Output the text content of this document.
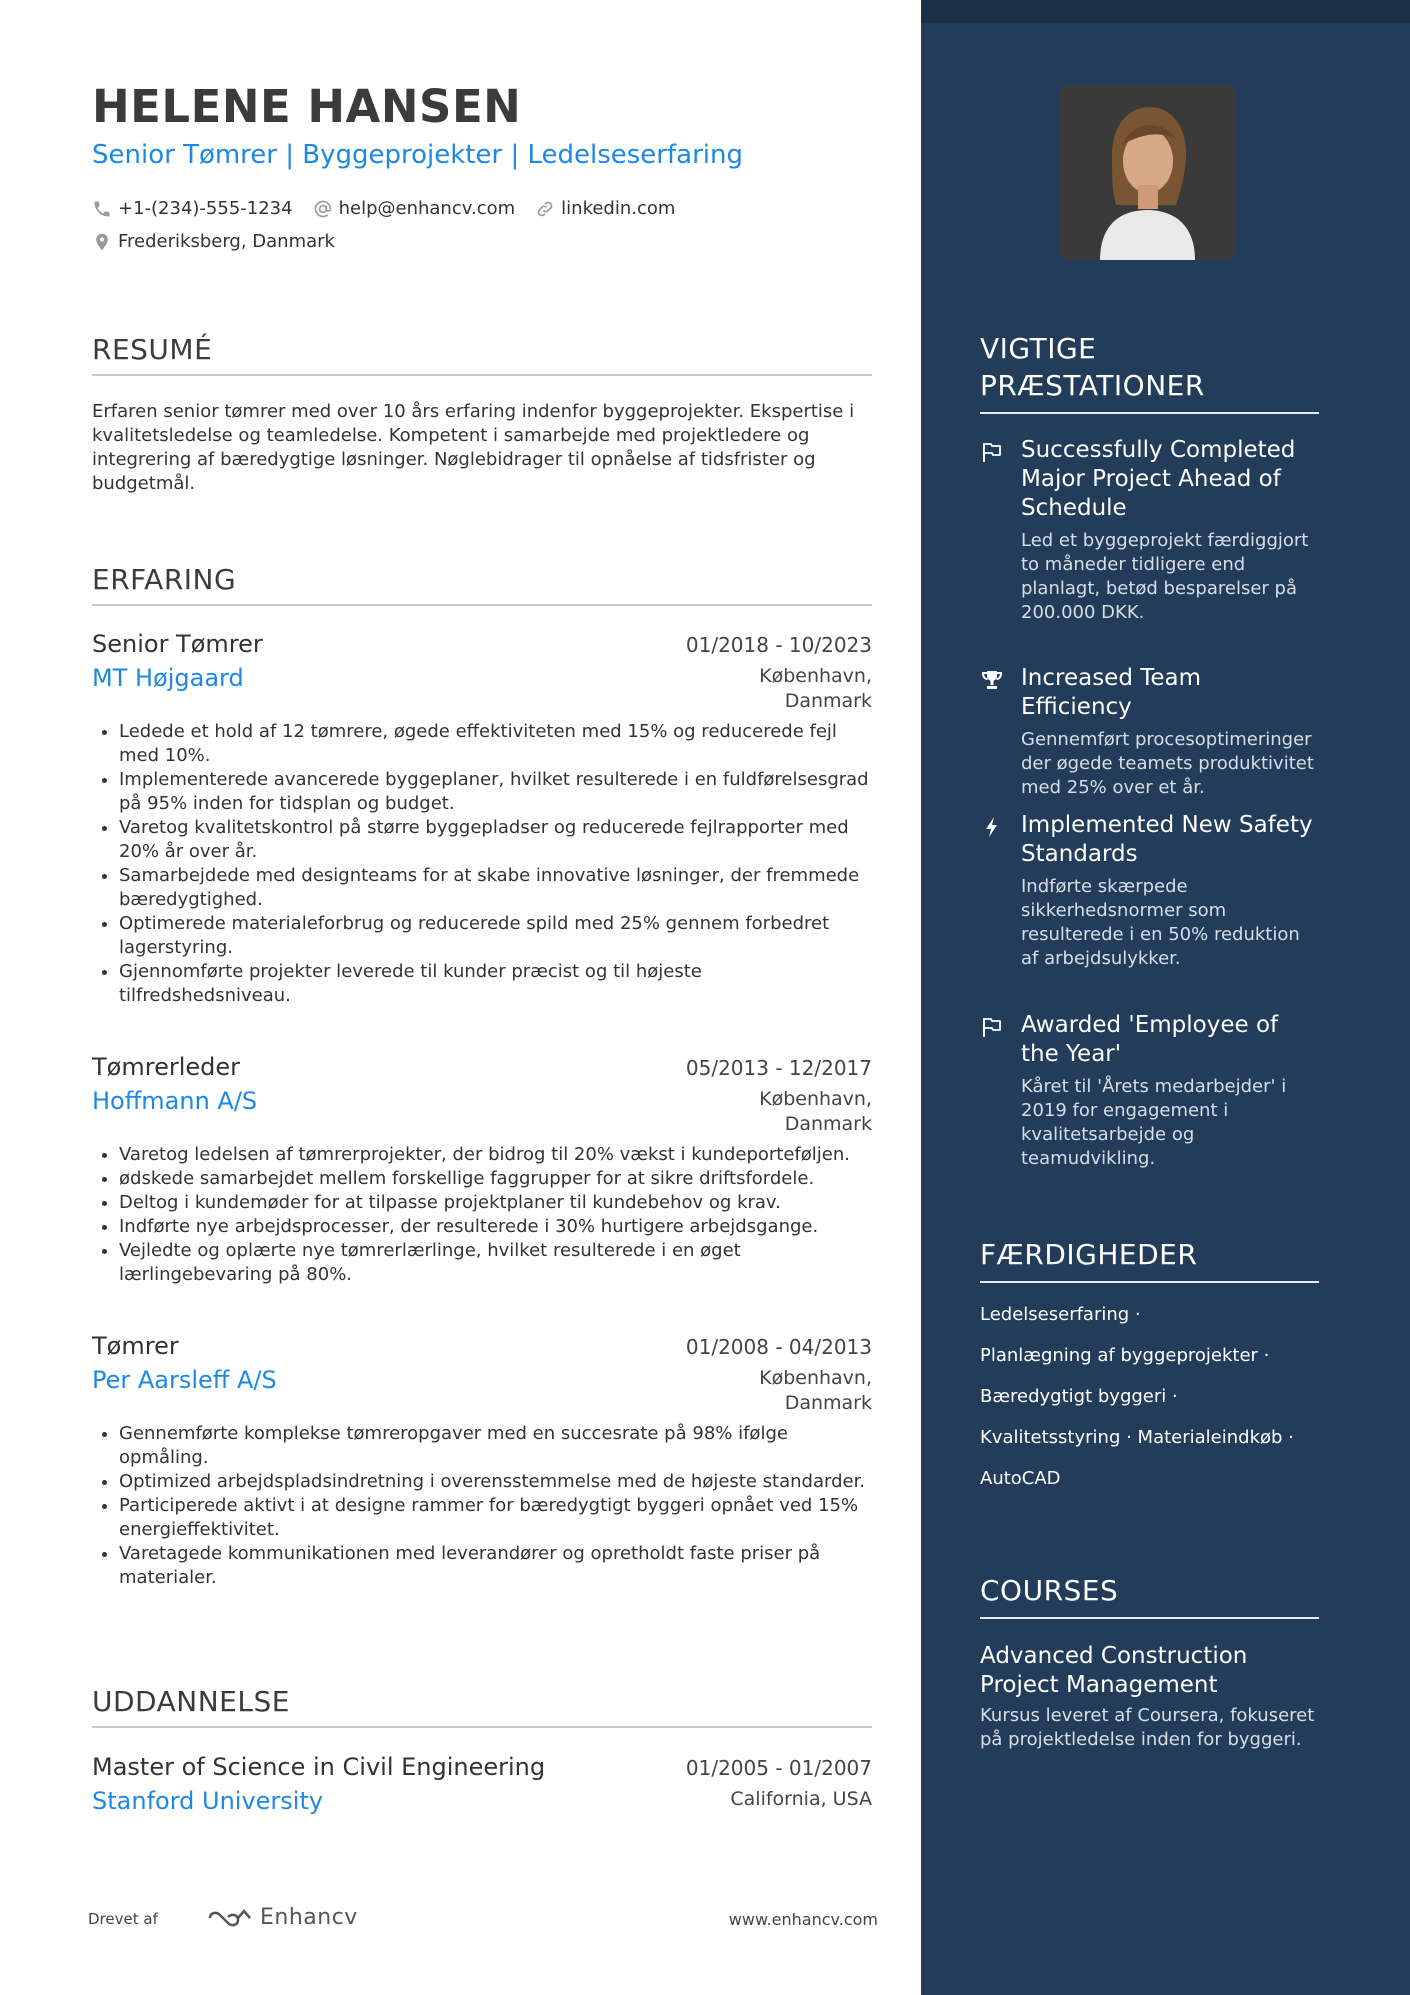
HELENE HANSEN
Senior Tømrer | Byggeprojekter | Ledelseserfaring
+1-(234)-555-1234	help@enhancv.com	linkedin.com
Frederiksberg, Danmark
RESUMÉ
Erfaren senior tømrer med over 10 års erfaring indenfor byggeprojekter. Ekspertise i kvalitetsledelse og teamledelse. Kompetent i samarbejde med projektledere og integrering af bæredygtige løsninger. Nøglebidrager til opnåelse af tidsfrister og budgetmål.
ERFARING
Senior Tømrer	01/2018 - 10/2023
MT Højgaard	København,
Danmark
• Ledede et hold af 12 tømrere, øgede effektiviteten med 15% og reducerede fejl med 10%.
• Implementerede avancerede byggeplaner, hvilket resulterede i en fuldførelsesgrad på 95% inden for tidsplan og budget.
• Varetog kvalitetskontrol på større byggepladser og reducerede fejlrapporter med 20% år over år.
• Samarbejdede med designteams for at skabe innovative løsninger, der fremmede bæredygtighed.
• Optimerede materialeforbrug og reducerede spild med 25% gennem forbedret lagerstyring.
• Gjennomførte projekter leverede til kunder præcist og til højeste tilfredshedsniveau.
Tømrerleder	05/2013 - 12/2017
Hoffmann A/S	København,
Danmark
• Varetog ledelsen af tømrerprojekter, der bidrog til 20% vækst i kundeporteføljen.
• ødskede samarbejdet mellem forskellige faggrupper for at sikre driftsfordele.
• Deltog i kundemøder for at tilpasse projektplaner til kundebehov og krav.
• Indførte nye arbejdsprocesser, der resulterede i 30% hurtigere arbejdsgange.
• Vejledte og oplærte nye tømrerlærlinge, hvilket resulterede i en øget lærlingebevaring på 80%.
Tømrer	01/2008 - 04/2013
Per Aarsleff A/S	København,
Danmark
• Gennemførte komplekse tømreropgaver med en succesrate på 98% ifølge opmåling.
• Optimized arbejdspladsindretning i overensstemmelse med de højeste standarder.
• Participerede aktivt i at designe rammer for bæredygtigt byggeri opnået ved 15% energieffektivitet.
• Varetagede kommunikationen med leverandører og opretholdt faste priser på materialer.
UDDANNELSE
Master of Science in Civil Engineering	01/2005 - 01/2007
Stanford University	California, USA
Drevet af	Enhancv	www.enhancv.com
VIGTIGE
PRÆSTATIONER
Successfully Completed Major Project Ahead of Schedule
Led et byggeprojekt færdiggjort to måneder tidligere end planlagt, betød besparelser på 200.000 DKK.
Increased Team Efficiency
Gennemført procesoptimeringer der øgede teamets produktivitet med 25% over et år.
Implemented New Safety Standards
Indførte skærpede sikkerhedsnormer som resulterede i en 50% reduktion af arbejdsulykker.
Awarded 'Employee of the Year'
Kåret til 'Årets medarbejder' i 2019 for engagement i kvalitetsarbejde og teamudvikling.
FÆRDIGHEDER
Ledelseserfaring ·
Planlægning af byggeprojekter ·
Bæredygtigt byggeri ·
Kvalitetsstyring · Materialeindkøb ·
AutoCAD
COURSES
Advanced Construction Project Management
Kursus leveret af Coursera, fokuseret på projektledelse inden for byggeri.
